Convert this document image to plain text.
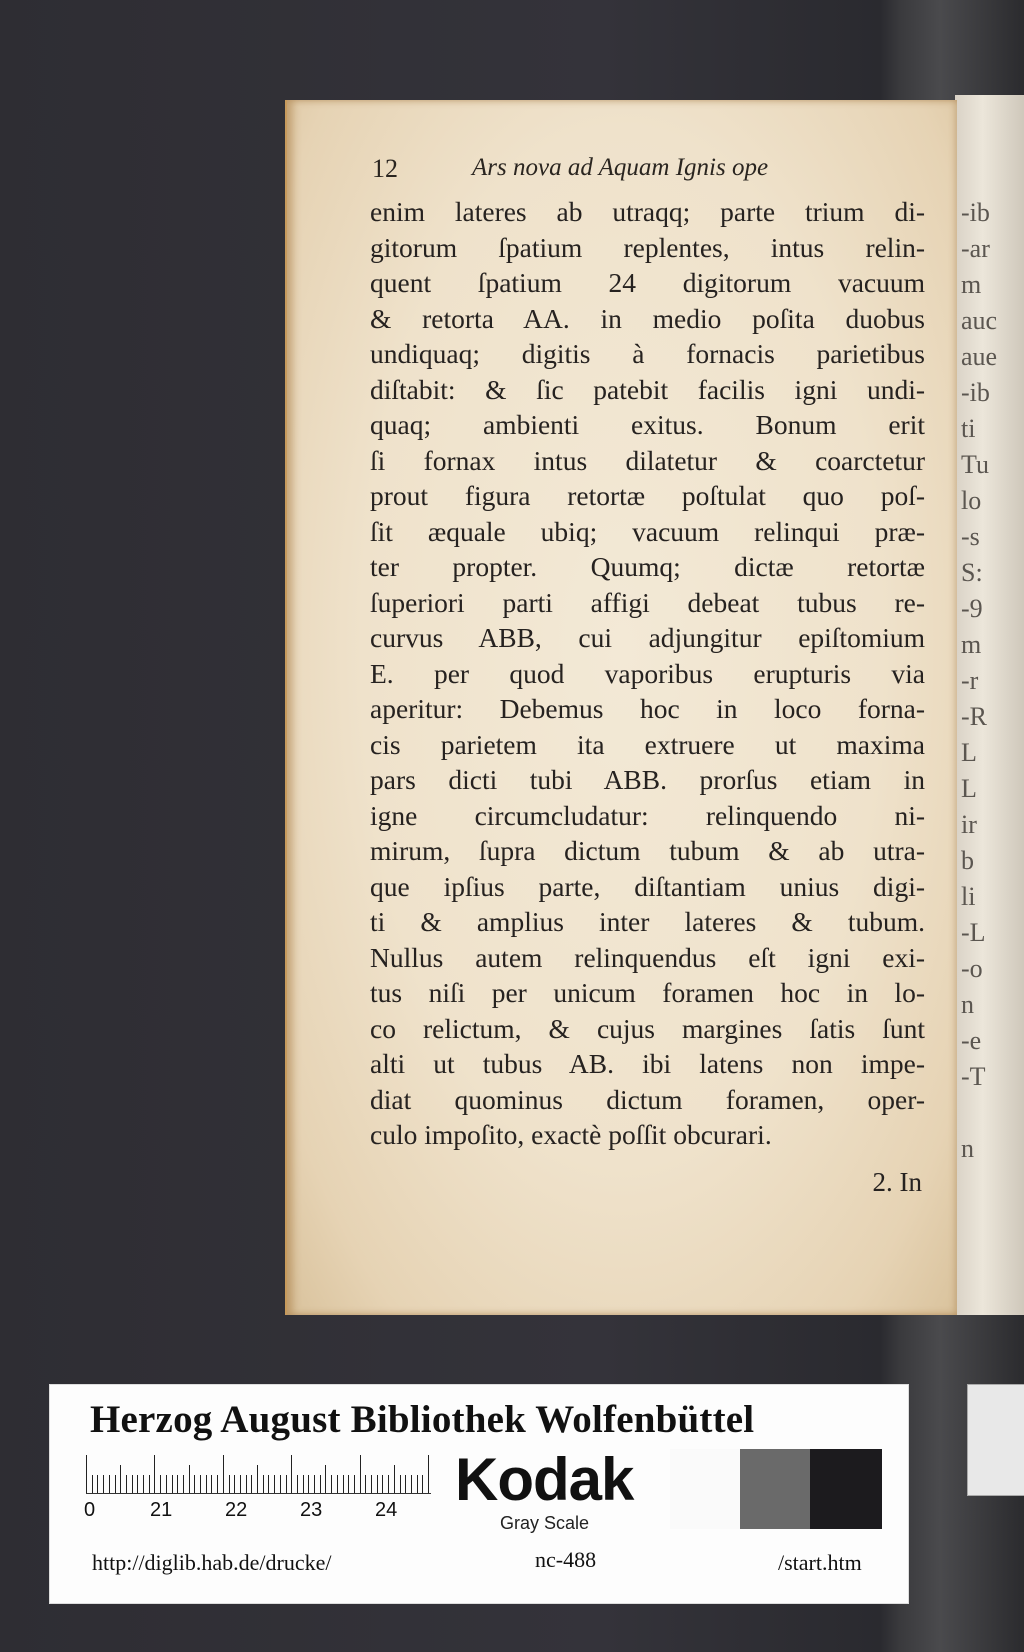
-ib
-ar
m
auc
aue
-ib
ti
Tu
lo
-s
S:
-9
m
-r
-R
L
L
ir
b
li
-L
-o
n
-e
-T

n
12	Ars nova ad Aquam Ignis ope
enim lateres ab utraqq; parte trium di-
gitorum ſpatium replentes, intus relin-
quent ſpatium 24 digitorum vacuum
& retorta AA. in medio poſita duobus
undiquaq; digitis à fornacis parietibus
diſtabit: & ſic patebit facilis igni undi-
quaq; ambienti exitus. Bonum erit
ſi fornax intus dilatetur & coarctetur
prout figura retortæ poſtulat quo poſ-
ſit æquale ubiq; vacuum relinqui præ-
ter propter. Quumq; dictæ retortæ
ſuperiori parti affigi debeat tubus re-
curvus ABB, cui adjungitur epiſtomium
E. per quod vaporibus erupturis via
aperitur: Debemus hoc in loco forna-
cis parietem ita extruere ut maxima
pars dicti tubi ABB. prorſus etiam in
igne circumcludatur: relinquendo ni-
mirum, ſupra dictum tubum & ab utra-
que ipſius parte, diſtantiam unius digi-
ti & amplius inter lateres & tubum.
Nullus autem relinquendus eſt igni exi-
tus niſi per unicum foramen hoc in lo-
co relictum, & cujus margines ſatis ſunt
alti ut tubus AB. ibi latens non impe-
diat quominus dictum foramen, oper-
culo impoſito, exactè poſſit obcurari.
2. In
Herzog August Bibliothek Wolfenbüttel
0	21	22	23	24 Kodak
Gray Scale
http://diglib.hab.de/drucke/	nc-488	/start.htm
